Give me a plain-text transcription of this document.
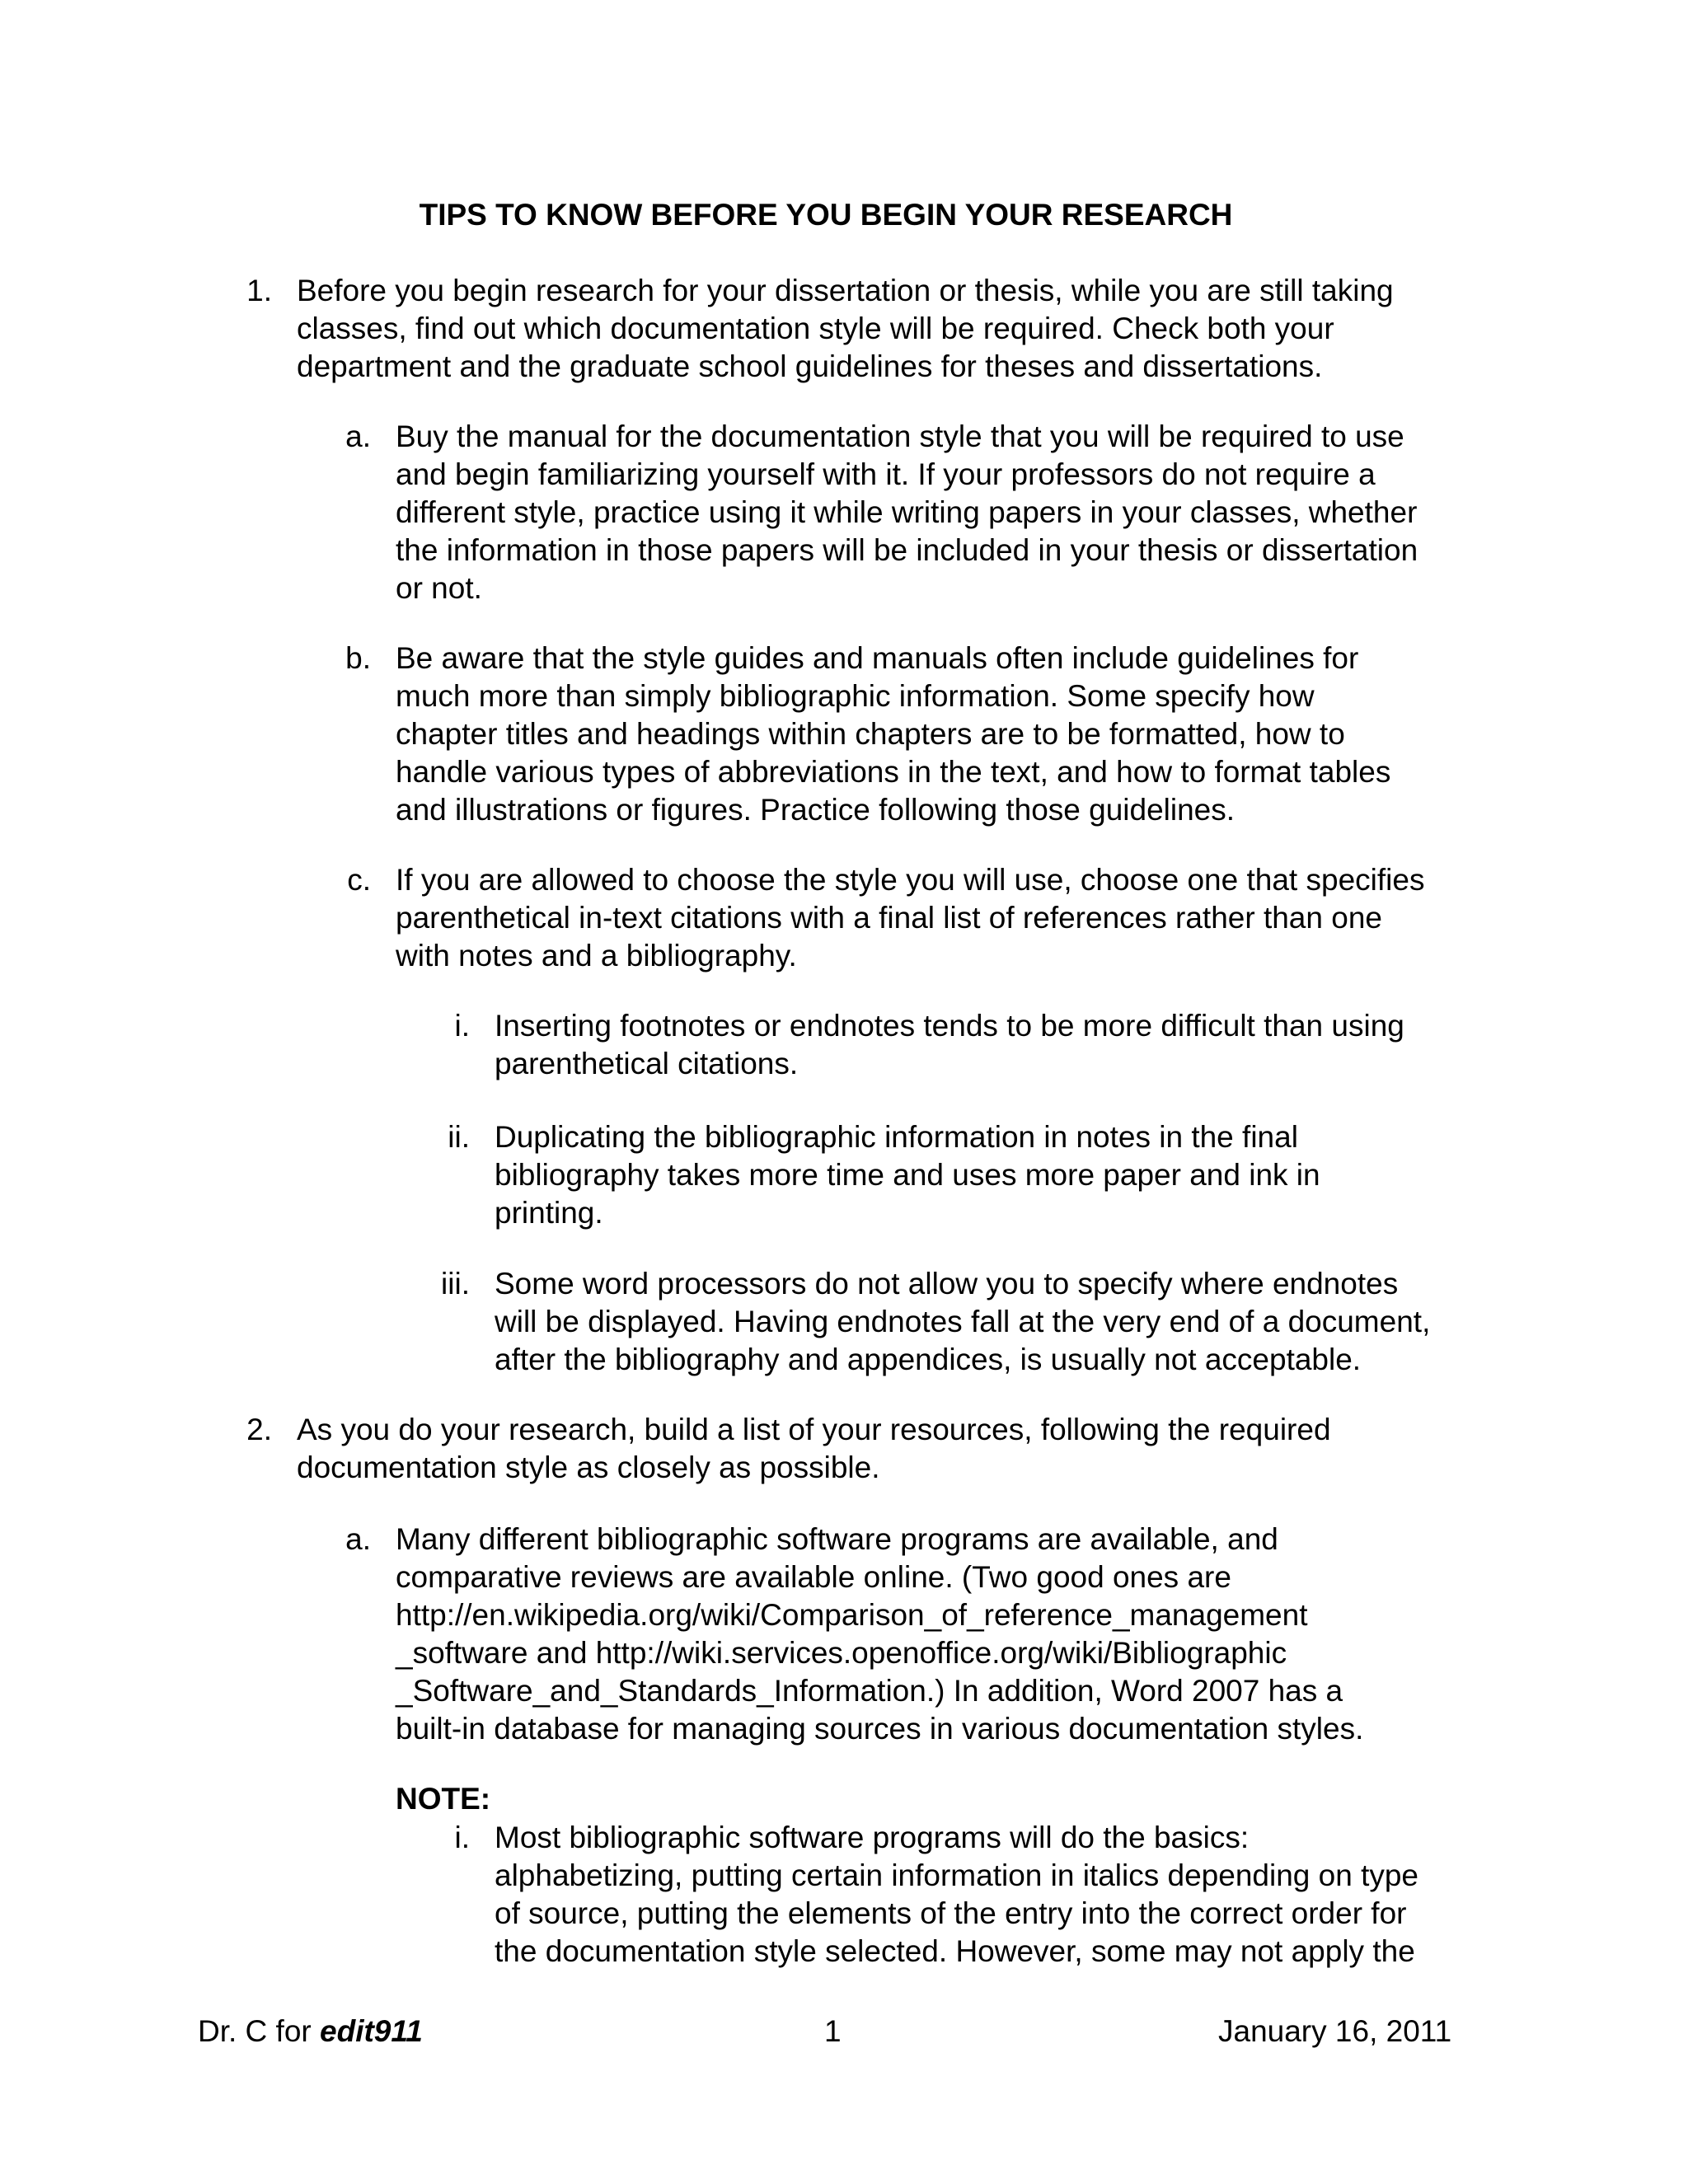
TIPS TO KNOW BEFORE YOU BEGIN YOUR RESEARCH
1. Before you begin research for your dissertation or thesis, while you are still taking
classes, find out which documentation style will be required. Check both your
department and the graduate school guidelines for theses and dissertations.
a. Buy the manual for the documentation style that you will be required to use
and begin familiarizing yourself with it. If your professors do not require a
different style, practice using it while writing papers in your classes, whether
the information in those papers will be included in your thesis or dissertation
or not.
b. Be aware that the style guides and manuals often include guidelines for
much more than simply bibliographic information. Some specify how
chapter titles and headings within chapters are to be formatted, how to
handle various types of abbreviations in the text, and how to format tables
and illustrations or figures. Practice following those guidelines.
c. If you are allowed to choose the style you will use, choose one that specifies
parenthetical in-text citations with a final list of references rather than one
with notes and a bibliography.
i. Inserting footnotes or endnotes tends to be more difficult than using
parenthetical citations.
ii. Duplicating the bibliographic information in notes in the final
bibliography takes more time and uses more paper and ink in
printing.
iii. Some word processors do not allow you to specify where endnotes
will be displayed. Having endnotes fall at the very end of a document,
after the bibliography and appendices, is usually not acceptable.
2. As you do your research, build a list of your resources, following the required
documentation style as closely as possible.
a. Many different bibliographic software programs are available, and
comparative reviews are available online. (Two good ones are
http://en.wikipedia.org/wiki/Comparison_of_reference_management
_software and http://wiki.services.openoffice.org/wiki/Bibliographic
_Software_and_Standards_Information.) In addition, Word 2007 has a
built-in database for managing sources in various documentation styles.
NOTE:
i. Most bibliographic software programs will do the basics:
alphabetizing, putting certain information in italics depending on type
of source, putting the elements of the entry into the correct order for
the documentation style selected. However, some may not apply the
Dr. C for edit911	1	January 16, 2011
